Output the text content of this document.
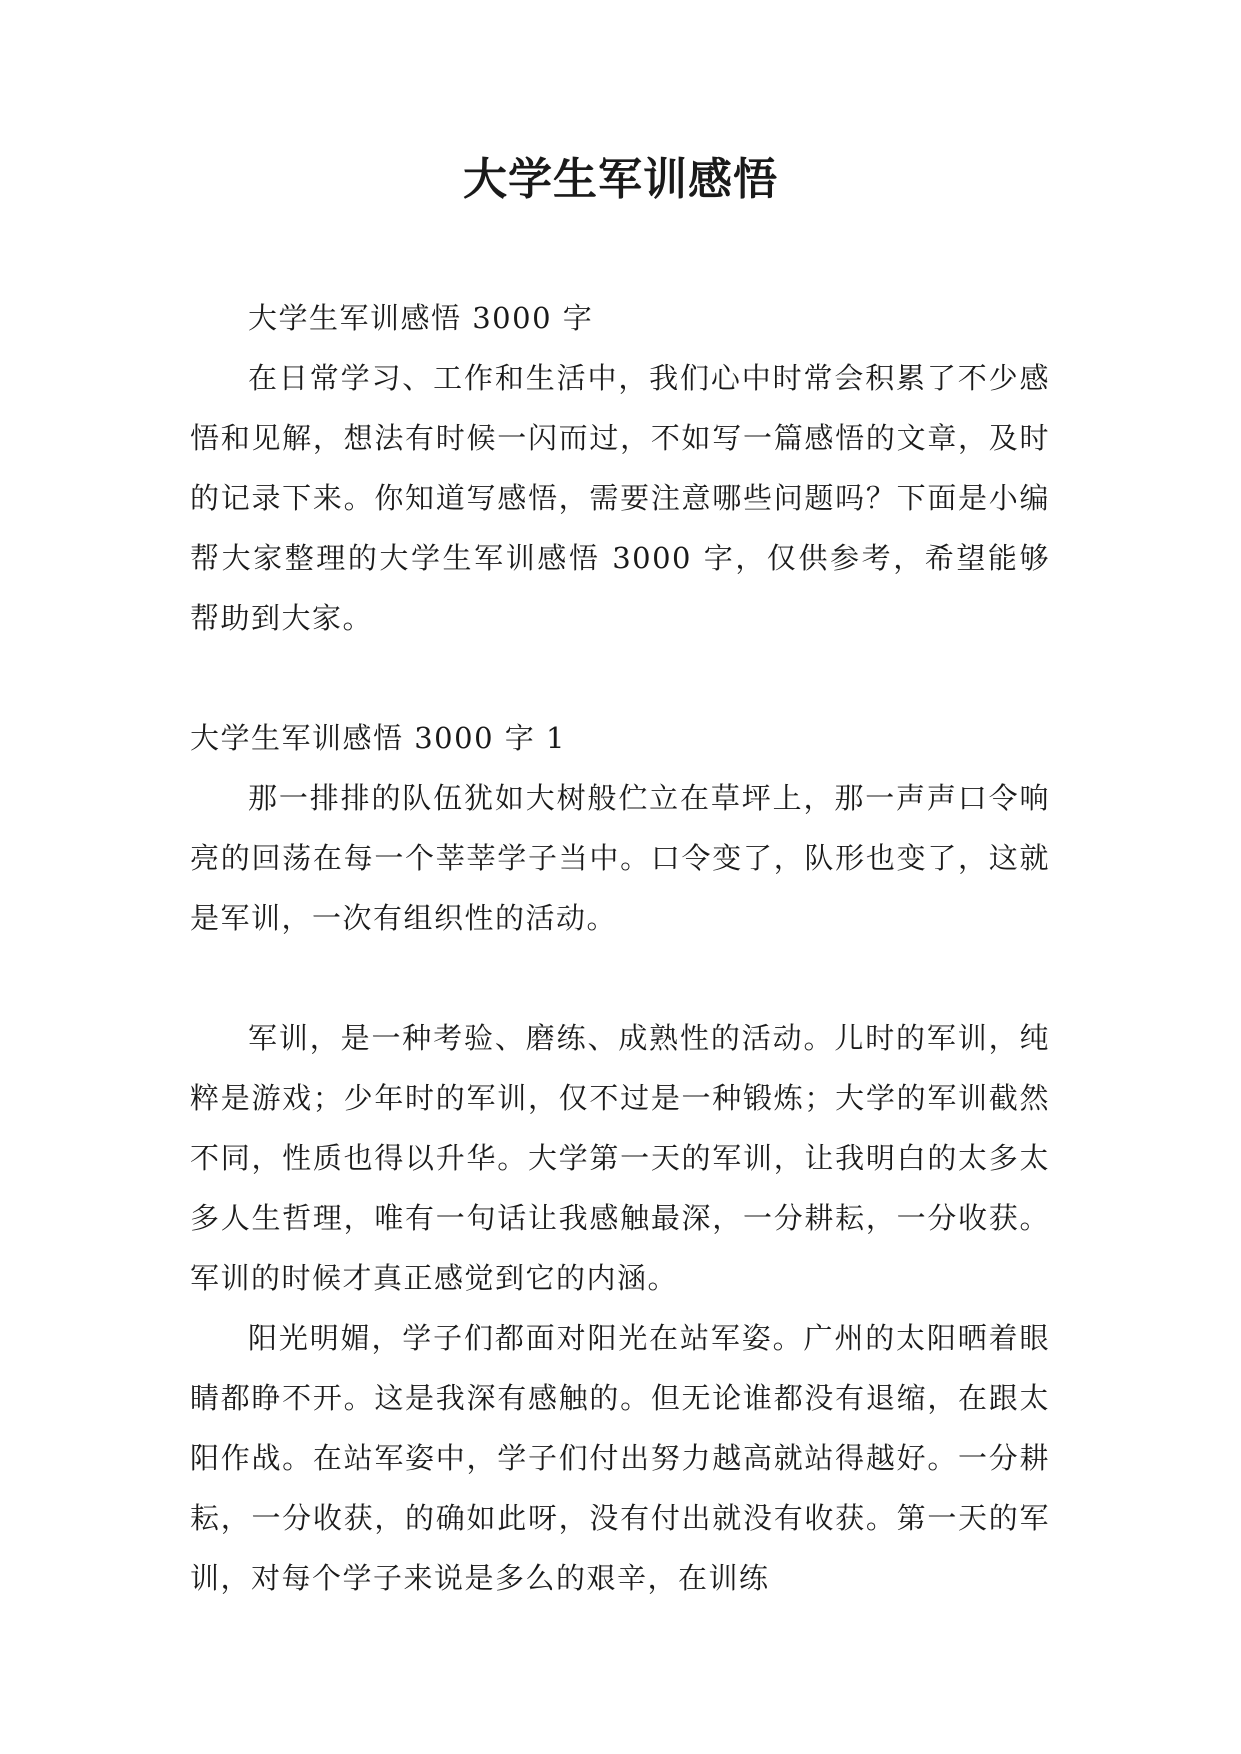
大学生军训感悟

大学生军训感悟 3000 字

在日常学习、工作和生活中，我们心中时常会积累了不少感悟和见解，想法有时候一闪而过，不如写一篇感悟的文章，及时的记录下来。你知道写感悟，需要注意哪些问题吗？下面是小编帮大家整理的大学生军训感悟 3000 字，仅供参考，希望能够帮助到大家。

大学生军训感悟 3000 字 1

那一排排的队伍犹如大树般伫立在草坪上，那一声声口令响亮的回荡在每一个莘莘学子当中。口令变了，队形也变了，这就是军训，一次有组织性的活动。

军训，是一种考验、磨练、成熟性的活动。儿时的军训，纯粹是游戏；少年时的军训，仅不过是一种锻炼；大学的军训截然不同，性质也得以升华。大学第一天的军训，让我明白的太多太多人生哲理，唯有一句话让我感触最深，一分耕耘，一分收获。军训的时候才真正感觉到它的内涵。

阳光明媚，学子们都面对阳光在站军姿。广州的太阳晒着眼睛都睁不开。这是我深有感触的。但无论谁都没有退缩，在跟太阳作战。在站军姿中，学子们付出努力越高就站得越好。一分耕耘，一分收获，的确如此呀，没有付出就没有收获。第一天的军训，对每个学子来说是多么的艰辛，在训练
